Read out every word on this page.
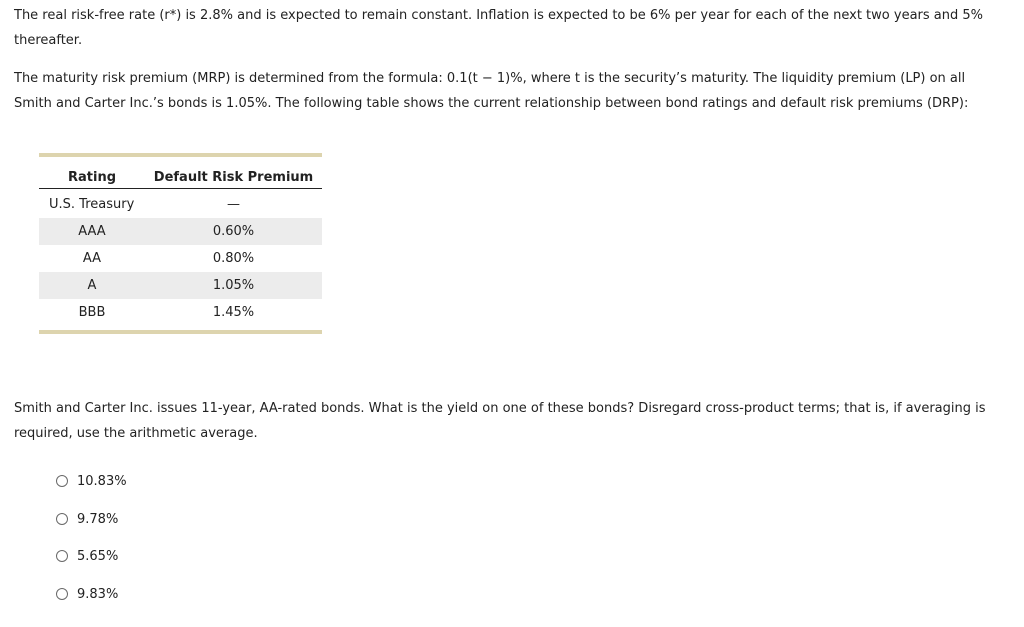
The real risk-free rate (r*) is 2.8% and is expected to remain constant. Inflation is expected to be 6% per year for each of the next two years and 5% thereafter.

The maturity risk premium (MRP) is determined from the formula: 0.1(t − 1)%, where t is the security’s maturity. The liquidity premium (LP) on all Smith and Carter Inc.’s bonds is 1.05%. The following table shows the current relationship between bond ratings and default risk premiums (DRP):

Rating	Default Risk Premium
U.S. Treasury	—
AAA	0.60%
AA	0.80%
A	1.05%
BBB	1.45%

Smith and Carter Inc. issues 11-year, AA-rated bonds. What is the yield on one of these bonds? Disregard cross-product terms; that is, if averaging is required, use the arithmetic average.

10.83%
9.78%
5.65%
9.83%
